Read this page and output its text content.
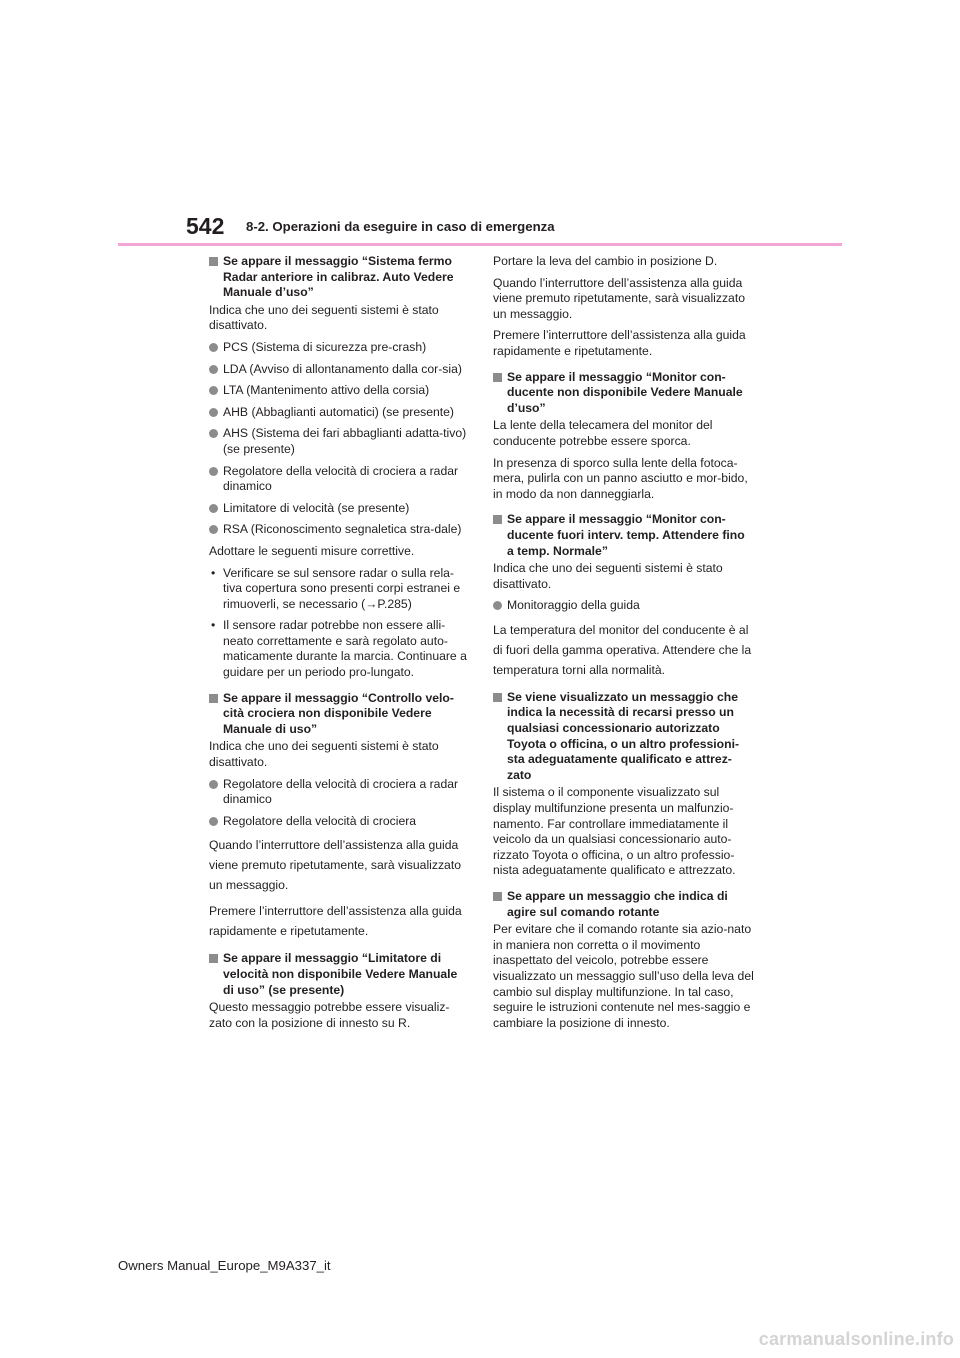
542 8-2. Operazioni da eseguire in caso di emergenza
Se appare il messaggio “Sistema fermo Radar anteriore in calibraz. Auto Vedere Manuale d’uso”

Indica che uno dei seguenti sistemi è stato disattivato.

PCS (Sistema di sicurezza pre-crash)
LDA (Avviso di allontanamento dalla cor-sia)
LTA (Mantenimento attivo della corsia)
AHB (Abbaglianti automatici) (se presente)
AHS (Sistema dei fari abbaglianti adatta-tivo) (se presente)
Regolatore della velocità di crociera a radar dinamico
Limitatore di velocità (se presente)
RSA (Riconoscimento segnaletica stra-dale)

Adottare le seguenti misure correttive.

• Verificare se sul sensore radar o sulla rela-tiva copertura sono presenti corpi estranei e rimuoverli, se necessario (→P.285)
• Il sensore radar potrebbe non essere alli-neato correttamente e sarà regolato auto-maticamente durante la marcia. Continuare a guidare per un periodo pro-lungato.
Se appare il messaggio “Controllo velo-cità crociera non disponibile Vedere Manuale di uso”

Indica che uno dei seguenti sistemi è stato disattivato.

Regolatore della velocità di crociera a radar dinamico
Regolatore della velocità di crociera

Quando l’interruttore dell’assistenza alla guida viene premuto ripetutamente, sarà visualizzato un messaggio.

Premere l’interruttore dell’assistenza alla guida rapidamente e ripetutamente.

Se appare il messaggio “Limitatore di velocità non disponibile Vedere Manuale di uso” (se presente)

Questo messaggio potrebbe essere visualiz-zato con la posizione di innesto su R.

Portare la leva del cambio in posizione D.

Quando l’interruttore dell’assistenza alla guida viene premuto ripetutamente, sarà visualizzato un messaggio.

Premere l’interruttore dell’assistenza alla guida rapidamente e ripetutamente.

Se appare il messaggio “Monitor con-ducente non disponibile Vedere Manuale d’uso”

La lente della telecamera del monitor del conducente potrebbe essere sporca.

In presenza di sporco sulla lente della fotoca-mera, pulirla con un panno asciutto e mor-bido, in modo da non danneggiarla.

Se appare il messaggio “Monitor con-ducente fuori interv. temp. Attendere fino a temp. Normale”

Indica che uno dei seguenti sistemi è stato disattivato.

Monitoraggio della guida

La temperatura del monitor del conducente è al di fuori della gamma operativa. Attendere che la temperatura torni alla normalità.

Se viene visualizzato un messaggio che indica la necessità di recarsi presso un qualsiasi concessionario autorizzato Toyota o officina, o un altro professioni-sta adeguatamente qualificato e attrez-zato

Il sistema o il componente visualizzato sul display multifunzione presenta un malfunzio-namento. Far controllare immediatamente il veicolo da un qualsiasi concessionario auto-rizzato Toyota o officina, o un altro professio-nista adeguatamente qualificato e attrezzato.

Se appare un messaggio che indica di agire sul comando rotante

Per evitare che il comando rotante sia azio-nato in maniera non corretta o il movimento inaspettato del veicolo, potrebbe essere visualizzato un messaggio sull’uso della leva del cambio sul display multifunzione. In tal caso, seguire le istruzioni contenute nel mes-saggio e cambiare la posizione di innesto.

Owners Manual_Europe_M9A337_it
carmanualsonline.info
